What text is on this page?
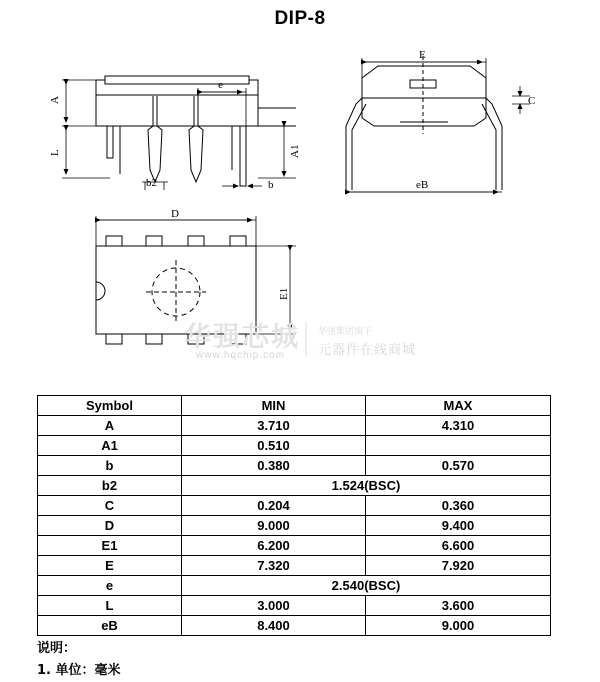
DIP-8
A
L
e
A1
b2	b
E
C
eB
D
E1
华强芯城
www.hqchip.com
华强集团旗下
元器件在线商城
Symbol	MIN	MAX
A	3.710	4.310
A1	0.510	
b	0.380	0.570
b2	1.524(BSC)	
C	0.204	0.360
D	9.000	9.400
E1	6.200	6.600
E	7.320	7.920
e	2.540(BSC)	
L	3.000	3.600
eB	8.400	9.000
说明：
1. 单位：毫米
